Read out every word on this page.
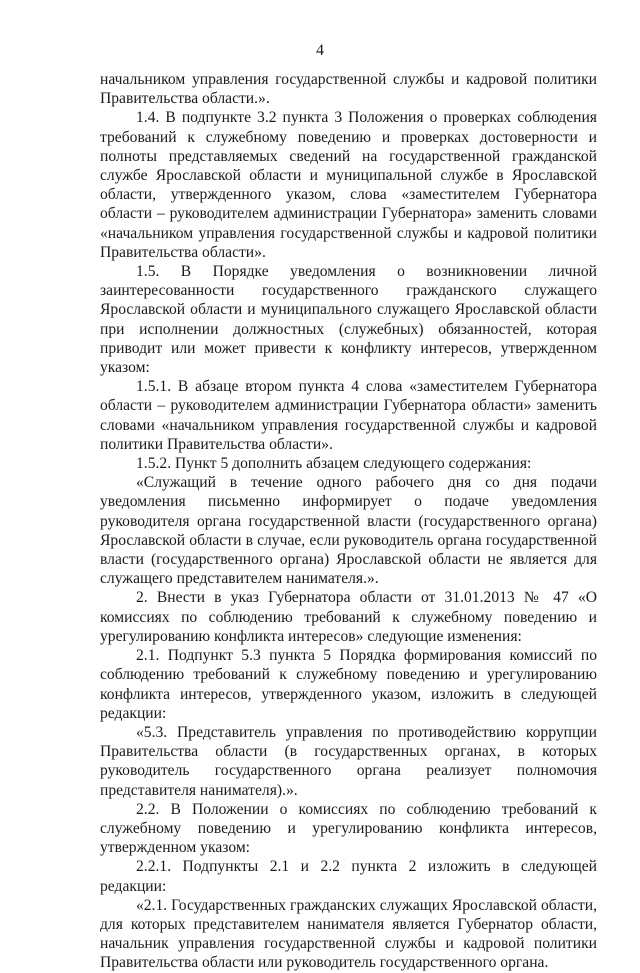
4

начальником управления государственной службы и кадровой политики Правительства области.».

1.4. В подпункте 3.2 пункта 3 Положения о проверках соблюдения требований к служебному поведению и проверках достоверности и полноты представляемых сведений на государственной гражданской службе Ярославской области и муниципальной службе в Ярославской области, утвержденного указом, слова «заместителем Губернатора области – руководителем администрации Губернатора» заменить словами «начальником управления государственной службы и кадровой политики Правительства области».

1.5. В Порядке уведомления о возникновении личной заинтересованности государственного гражданского служащего Ярославской области и муниципального служащего Ярославской области при исполнении должностных (служебных) обязанностей, которая приводит или может привести к конфликту интересов, утвержденном указом:

1.5.1. В абзаце втором пункта 4 слова «заместителем Губернатора области – руководителем администрации Губернатора области» заменить словами «начальником управления государственной службы и кадровой политики Правительства области».

1.5.2. Пункт 5 дополнить абзацем следующего содержания:

«Служащий в течение одного рабочего дня со дня подачи уведомления письменно информирует о подаче уведомления руководителя органа государственной власти (государственного органа) Ярославской области в случае, если руководитель органа государственной власти (государственного органа) Ярославской области не является для служащего представителем нанимателя.».

2. Внести в указ Губернатора области от 31.01.2013 № 47 «О комиссиях по соблюдению требований к служебному поведению и урегулированию конфликта интересов» следующие изменения:

2.1. Подпункт 5.3 пункта 5 Порядка формирования комиссий по соблюдению требований к служебному поведению и урегулированию конфликта интересов, утвержденного указом, изложить в следующей редакции:

«5.3. Представитель управления по противодействию коррупции Правительства области (в государственных органах, в которых руководитель государственного органа реализует полномочия представителя нанимателя).».

2.2. В Положении о комиссиях по соблюдению требований к служебному поведению и урегулированию конфликта интересов, утвержденном указом:

2.2.1. Подпункты 2.1 и 2.2 пункта 2 изложить в следующей редакции:

«2.1. Государственных гражданских служащих Ярославской области, для которых представителем нанимателя является Губернатор области, начальник управления государственной службы и кадровой политики Правительства области или руководитель государственного органа.
